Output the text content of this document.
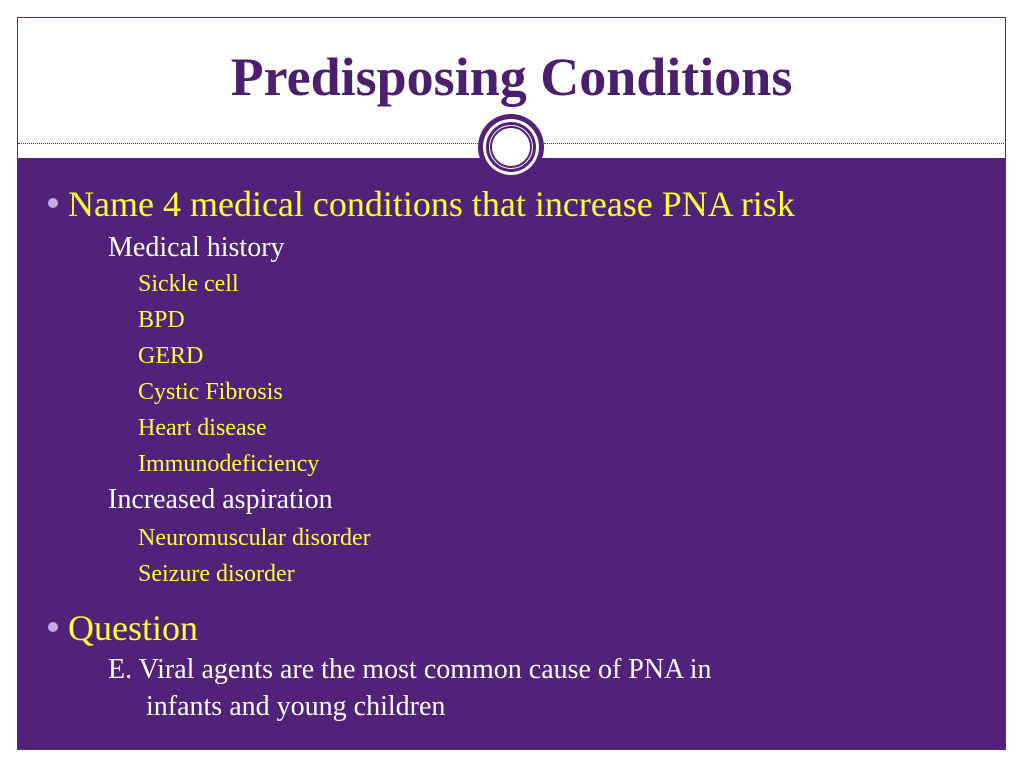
Predisposing Conditions
Name 4 medical conditions that increase PNA risk
Medical history
Sickle cell
BPD
GERD
Cystic Fibrosis
Heart disease
Immunodeficiency
Increased aspiration
Neuromuscular disorder
Seizure disorder
Question
E. Viral agents are the most common cause of PNA in
infants and young children
